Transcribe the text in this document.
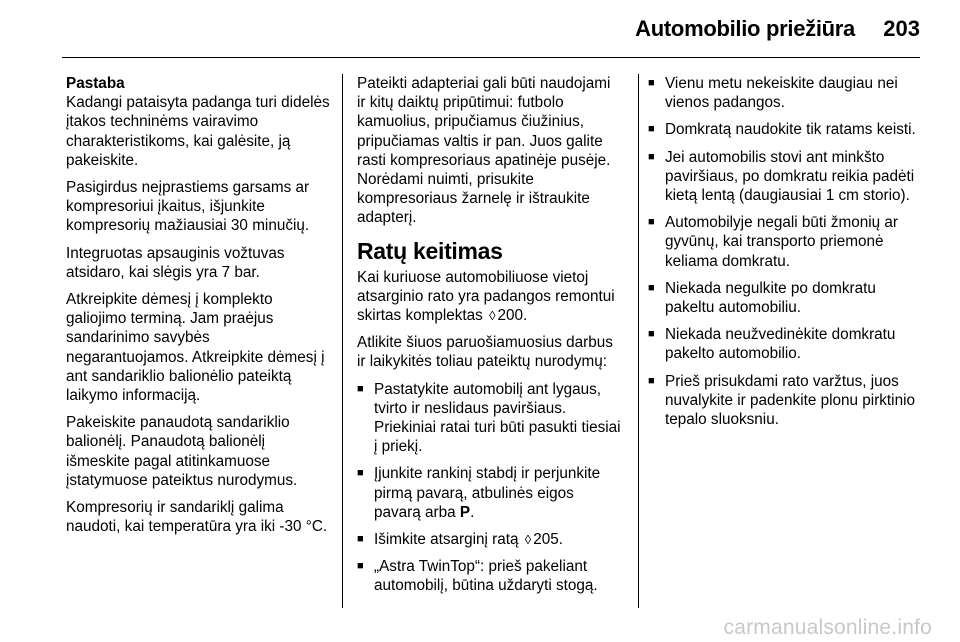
Automobilio priežiūra 203
Pastaba

Kadangi pataisyta padanga turi didelės įtakos techninėms vairavimo charakteristikoms, kai galėsite, ją pakeiskite.

Pasigirdus neįprastiems garsams ar kompresoriui įkaitus, išjunkite kompresorių mažiausiai 30 minučių.

Integruotas apsauginis vožtuvas atsidaro, kai slėgis yra 7 bar.

Atkreipkite dėmesį į komplekto galiojimo terminą. Jam praėjus sandarinimo savybės negarantuojamos. Atkreipkite dėmesį į ant sandariklio balionėlio pateiktą laikymo informaciją.

Pakeiskite panaudotą sandariklio balionėlį. Panaudotą balionėlį išmeskite pagal atitinkamuose įstatymuose pateiktus nurodymus.

Kompresorių ir sandariklį galima naudoti, kai temperatūra yra iki -30 °C.

Pateikti adapteriai gali būti naudojami ir kitų daiktų pripūtimui: futbolo kamuolius, pripučiamus čiužinius, pripučiamas valtis ir pan. Juos galite rasti kompresoriaus apatinėje pusėje. Norėdami nuimti, prisukite kompresoriaus žarnelę ir ištraukite adapterį.

Ratų keitimas

Kai kuriuose automobiliuose vietoj atsarginio rato yra padangos remontui skirtas komplektas ◊ 200.

Atlikite šiuos paruošiamuosius darbus ir laikykitės toliau pateiktų nurodymų:

■ Pastatykite automobilį ant lygaus, tvirto ir neslidaus paviršiaus. Priekiniai ratai turi būti pasukti tiesiai į priekį.
■ Įjunkite rankinį stabdį ir perjunkite pirmą pavarą, atbulinės eigos pavarą arba P.
■ Išimkite atsarginį ratą ◊ 205.
■ „Astra TwinTop“: prieš pakeliant automobilį, būtina uždaryti stogą.
■ Vienu metu nekeiskite daugiau nei vienos padangos.
■ Domkratą naudokite tik ratams keisti.
■ Jei automobilis stovi ant minkšto paviršiaus, po domkratu reikia padėti kietą lentą (daugiausiai 1 cm storio).
■ Automobilyje negali būti žmonių ar gyvūnų, kai transporto priemonė keliama domkratu.
■ Niekada negulkite po domkratu pakeltu automobiliu.
■ Niekada neužvedinėkite domkratu pakelto automobilio.
■ Prieš prisukdami rato varžtus, juos nuvalykite ir padenkite plonu pirktinio tepalo sluoksniu.
carmanualsonline.info
